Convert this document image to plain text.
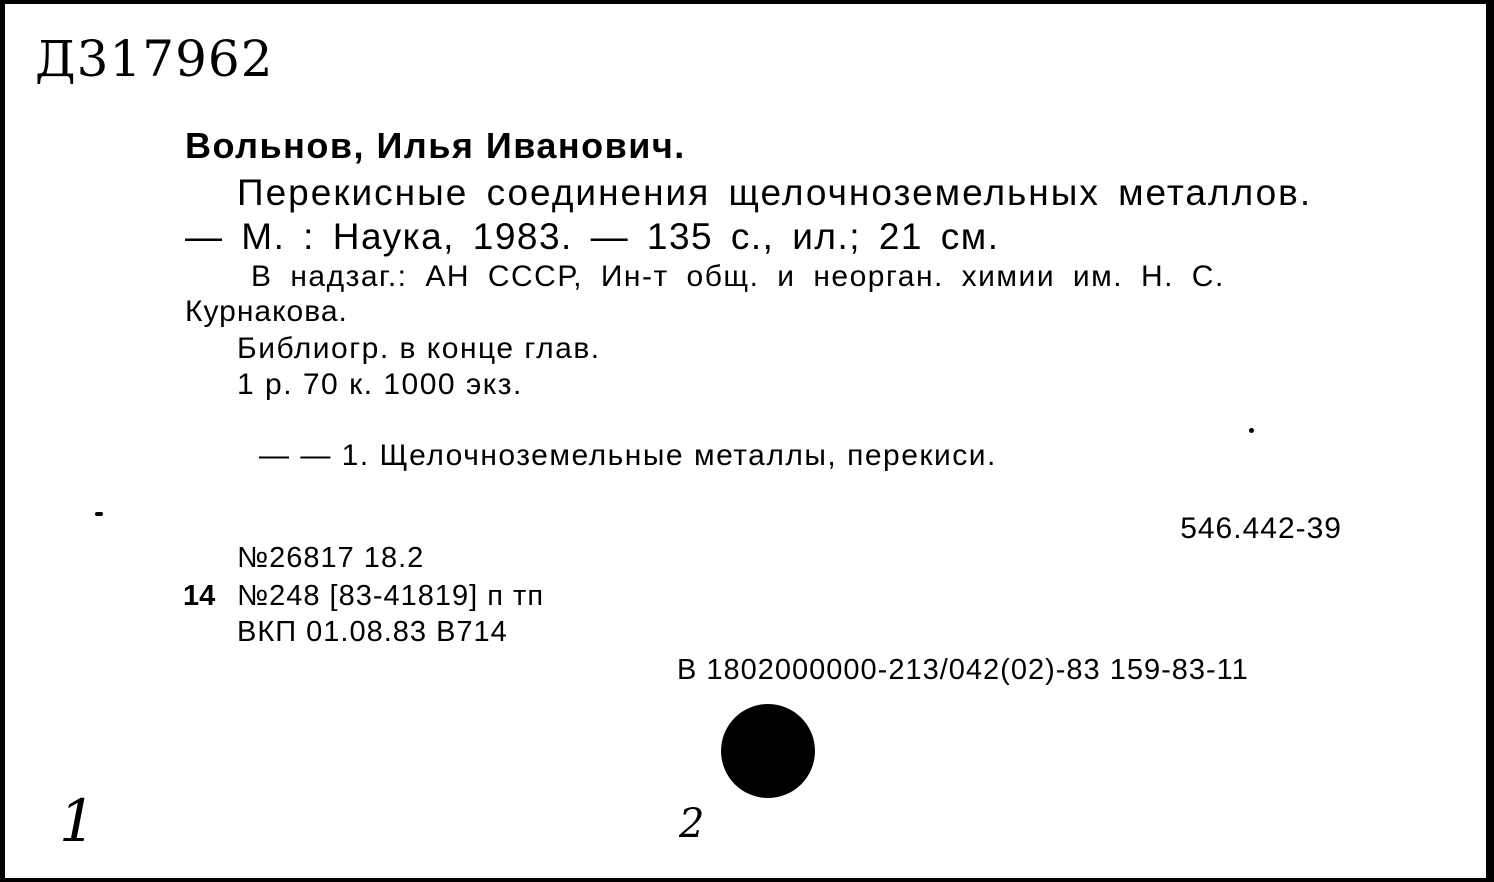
Д317962
Вольнов, Илья Иванович.
Перекисные соединения щелочноземельных металлов.
— М. : Наука, 1983. — 135 с., ил.; 21 см.
В надзаг.: АН СССР, Ин-т общ. и неорган. химии им. Н. С.
Курнакова.
Библиогр. в конце глав.
1 р. 70 к. 1000 экз.
— — 1. Щелочноземельные металлы, перекиси.
546.442-39
№26817 18.2
14 №248 [83-41819] п тп
ВКП 01.08.83 В714
В 1802000000-213/042(02)-83 159-83-11
1	2
